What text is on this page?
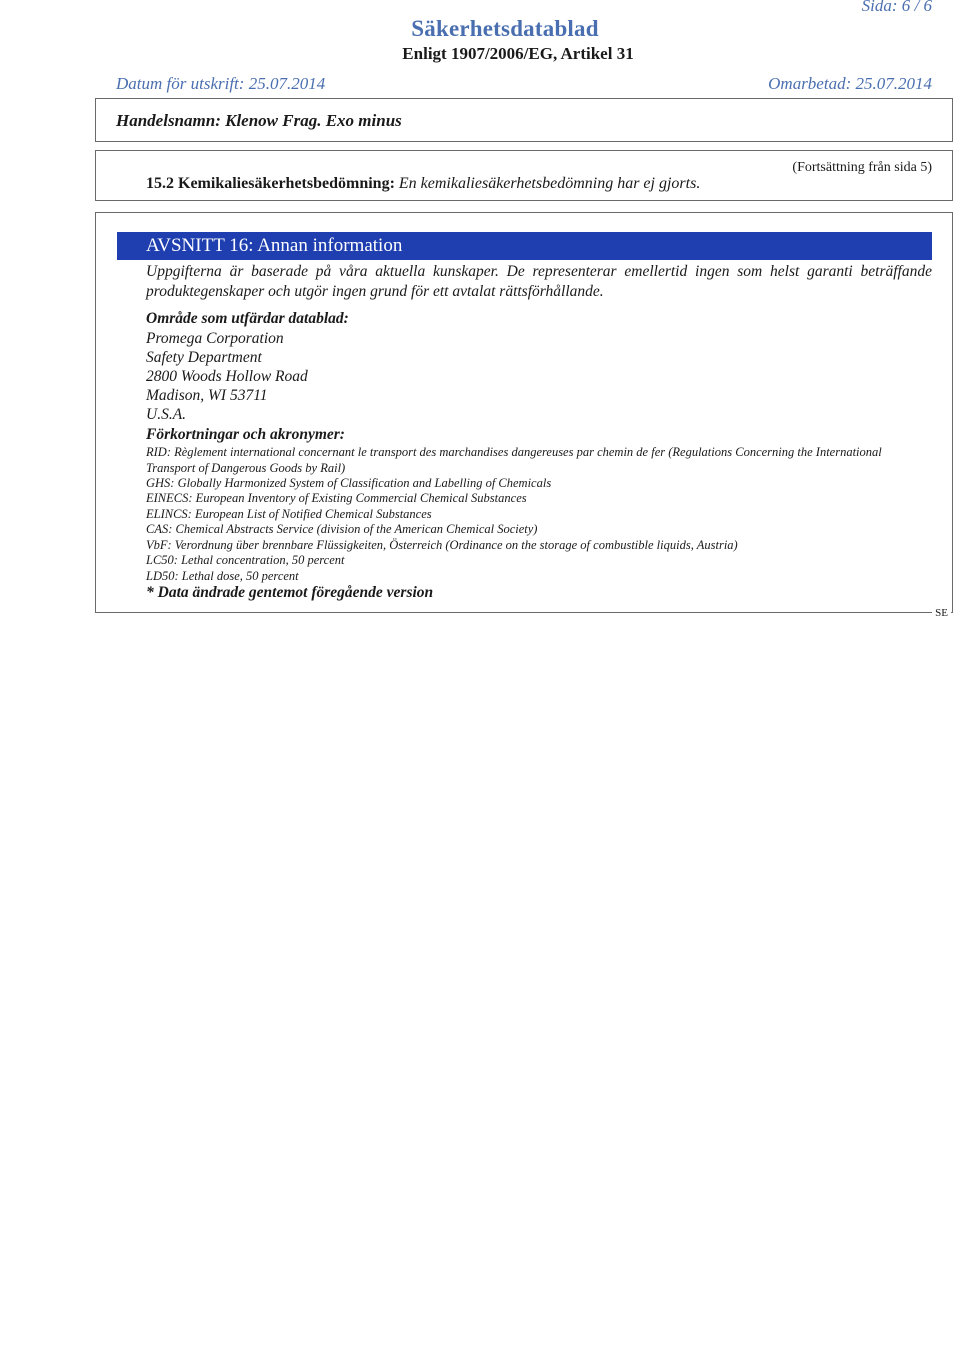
Sida: 6 / 6
Säkerhetsdatablad
Enligt 1907/2006/EG, Artikel 31
Datum för utskrift: 25.07.2014	Omarbetad: 25.07.2014
Handelsnamn: Klenow Frag. Exo minus
(Fortsättning från sida 5)
15.2 Kemikaliesäkerhetsbedömning: En kemikaliesäkerhetsbedömning har ej gjorts.
AVSNITT 16: Annan information
Uppgifterna är baserade på våra aktuella kunskaper. De representerar emellertid ingen som helst garanti beträffande produktegenskaper och utgör ingen grund för ett avtalat rättsförhållande.
Område som utfärdar datablad:
Promega Corporation
Safety Department
2800 Woods Hollow Road
Madison, WI 53711
U.S.A.
Förkortningar och akronymer:
RID: Règlement international concernant le transport des marchandises dangereuses par chemin de fer (Regulations Concerning the International Transport of Dangerous Goods by Rail)
GHS: Globally Harmonized System of Classification and Labelling of Chemicals
EINECS: European Inventory of Existing Commercial Chemical Substances
ELINCS: European List of Notified Chemical Substances
CAS: Chemical Abstracts Service (division of the American Chemical Society)
VbF: Verordnung über brennbare Flüssigkeiten, Österreich (Ordinance on the storage of combustible liquids, Austria)
LC50: Lethal concentration, 50 percent
LD50: Lethal dose, 50 percent
* Data ändrade gentemot föregående version
SE
